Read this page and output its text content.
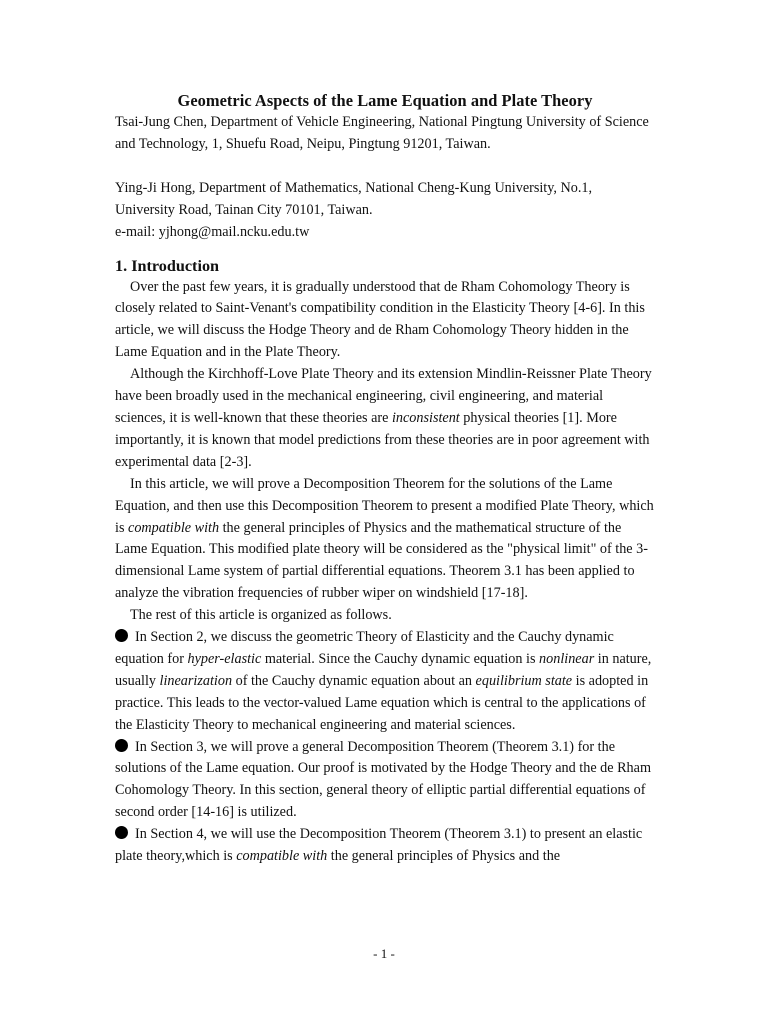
Geometric Aspects of the Lame Equation and Plate Theory

Tsai-Jung Chen, Department of Vehicle Engineering, National Pingtung University of Science and Technology, 1, Shuefu Road, Neipu, Pingtung 91201, Taiwan.

Ying-Ji Hong, Department of Mathematics, National Cheng-Kung University, No.1, University Road, Tainan City 70101, Taiwan.

e-mail: yjhong@mail.ncku.edu.tw

1. Introduction

Over the past few years, it is gradually understood that de Rham Cohomology Theory is closely related to Saint-Venant's compatibility condition in the Elasticity Theory [4-6]. In this article, we will discuss the Hodge Theory and de Rham Cohomology Theory hidden in the Lame Equation and in the Plate Theory.

Although the Kirchhoff-Love Plate Theory and its extension Mindlin-Reissner Plate Theory have been broadly used in the mechanical engineering, civil engineering, and material sciences, it is well-known that these theories are inconsistent physical theories [1]. More importantly, it is known that model predictions from these theories are in poor agreement with experimental data [2-3].

In this article, we will prove a Decomposition Theorem for the solutions of the Lame Equation, and then use this Decomposition Theorem to present a modified Plate Theory, which is compatible with the general principles of Physics and the mathematical structure of the Lame Equation. This modified plate theory will be considered as the "physical limit" of the 3-dimensional Lame system of partial differential equations. Theorem 3.1 has been applied to analyze the vibration frequencies of rubber wiper on windshield [17-18].

The rest of this article is organized as follows.

In Section 2, we discuss the geometric Theory of Elasticity and the Cauchy dynamic equation for hyper-elastic material. Since the Cauchy dynamic equation is nonlinear in nature, usually linearization of the Cauchy dynamic equation about an equilibrium state is adopted in practice. This leads to the vector-valued Lame equation which is central to the applications of the Elasticity Theory to mechanical engineering and material sciences.

In Section 3, we will prove a general Decomposition Theorem (Theorem 3.1) for the solutions of the Lame equation. Our proof is motivated by the Hodge Theory and the de Rham Cohomology Theory. In this section, general theory of elliptic partial differential equations of second order [14-16] is utilized.

In Section 4, we will use the Decomposition Theorem (Theorem 3.1) to present an elastic plate theory,which is compatible with the general principles of Physics and the

- 1 -
